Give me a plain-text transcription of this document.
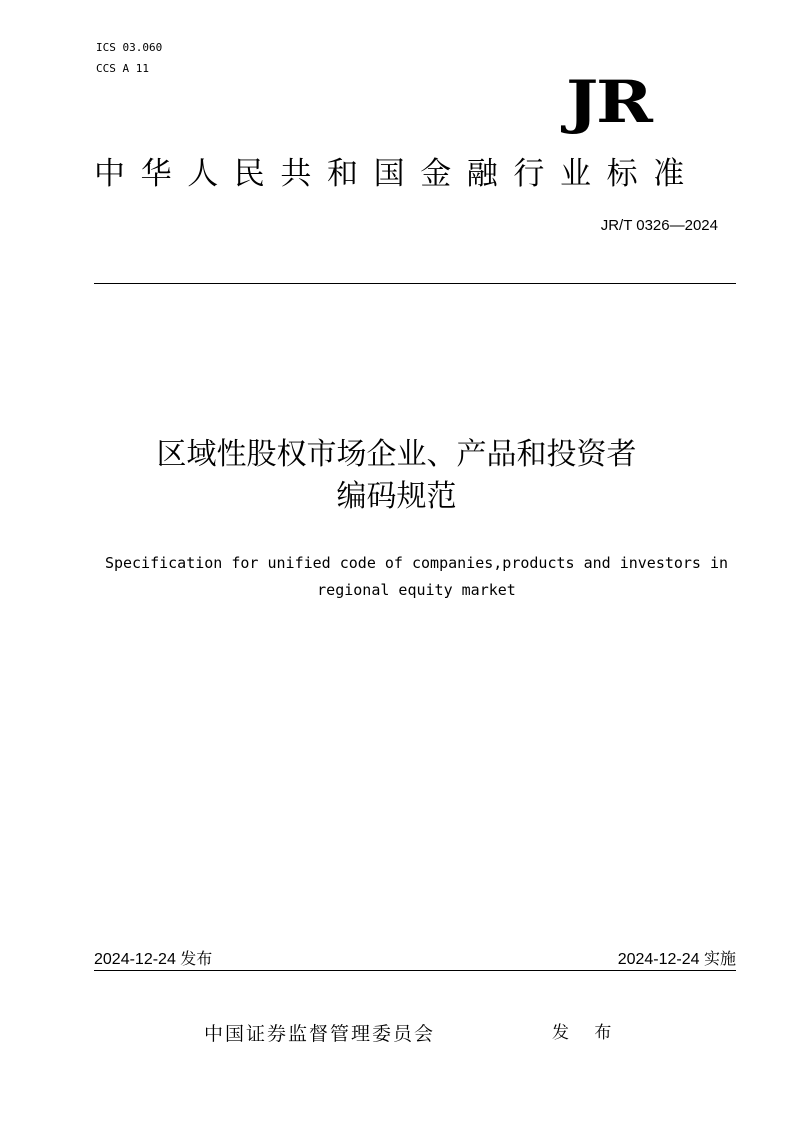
ICS 03.060
CCS A 11	JR
中华人民共和国金融行业标准
JR/T 0326—2024
区域性股权市场企业、产品和投资者
编码规范
Specification for unified code of companies,products and investors in
regional equity market
2024-12-24 发布	2024-12-24 实施
中国证券监督管理委员会	发 布
